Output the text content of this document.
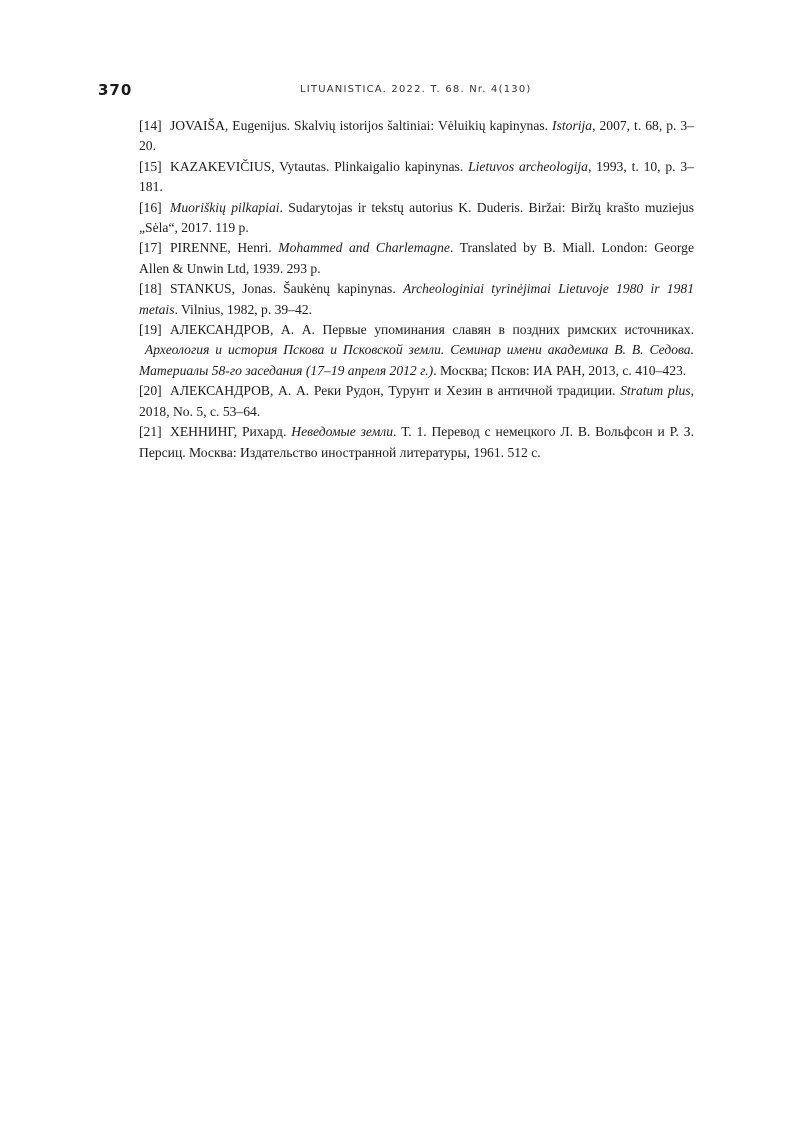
370	LITUANISTICA. 2022. T. 68. Nr. 4(130)
[14] JOVAIŠA, Eugenijus. Skalvių istorijos šaltiniai: Vėluikių kapinynas. Istorija, 2007, t. 68, p. 3–20.
[15] KAZAKEVIČIUS, Vytautas. Plinkaigalio kapinynas. Lietuvos archeologija, 1993, t. 10, p. 3–181.
[16] Muoriškių pilkapiai. Sudarytojas ir tekstų autorius K. Duderis. Biržai: Biržų krašto muziejus „Sėla“, 2017. 119 p.
[17] PIRENNE, Henri. Mohammed and Charlemagne. Translated by B. Miall. London: George Allen & Unwin Ltd, 1939. 293 p.
[18] STANKUS, Jonas. Šaukėnų kapinynas. Archeologiniai tyrinėjimai Lietuvoje 1980 ir 1981 metais. Vilnius, 1982, p. 39–42.
[19] АЛЕКСАНДРОВ, А. А. Первые упоминания славян в поздних римских источниках. Археология и история Пскова и Псковской земли. Семинар имени академика В. В. Седова. Материалы 58-го заседания (17–19 апреля 2012 г.). Москва; Псков: ИА РАН, 2013, с. 410–423.
[20] АЛЕКСАНДРОВ, А. А. Реки Рудон, Турунт и Хезин в античной традиции. Stratum plus, 2018, No. 5, с. 53–64.
[21] ХЕННИНГ, Рихард. Неведомые земли. Т. 1. Перевод с немецкого Л. В. Вольфсон и Р. З. Персиц. Москва: Издательство иностранной литературы, 1961. 512 с.
